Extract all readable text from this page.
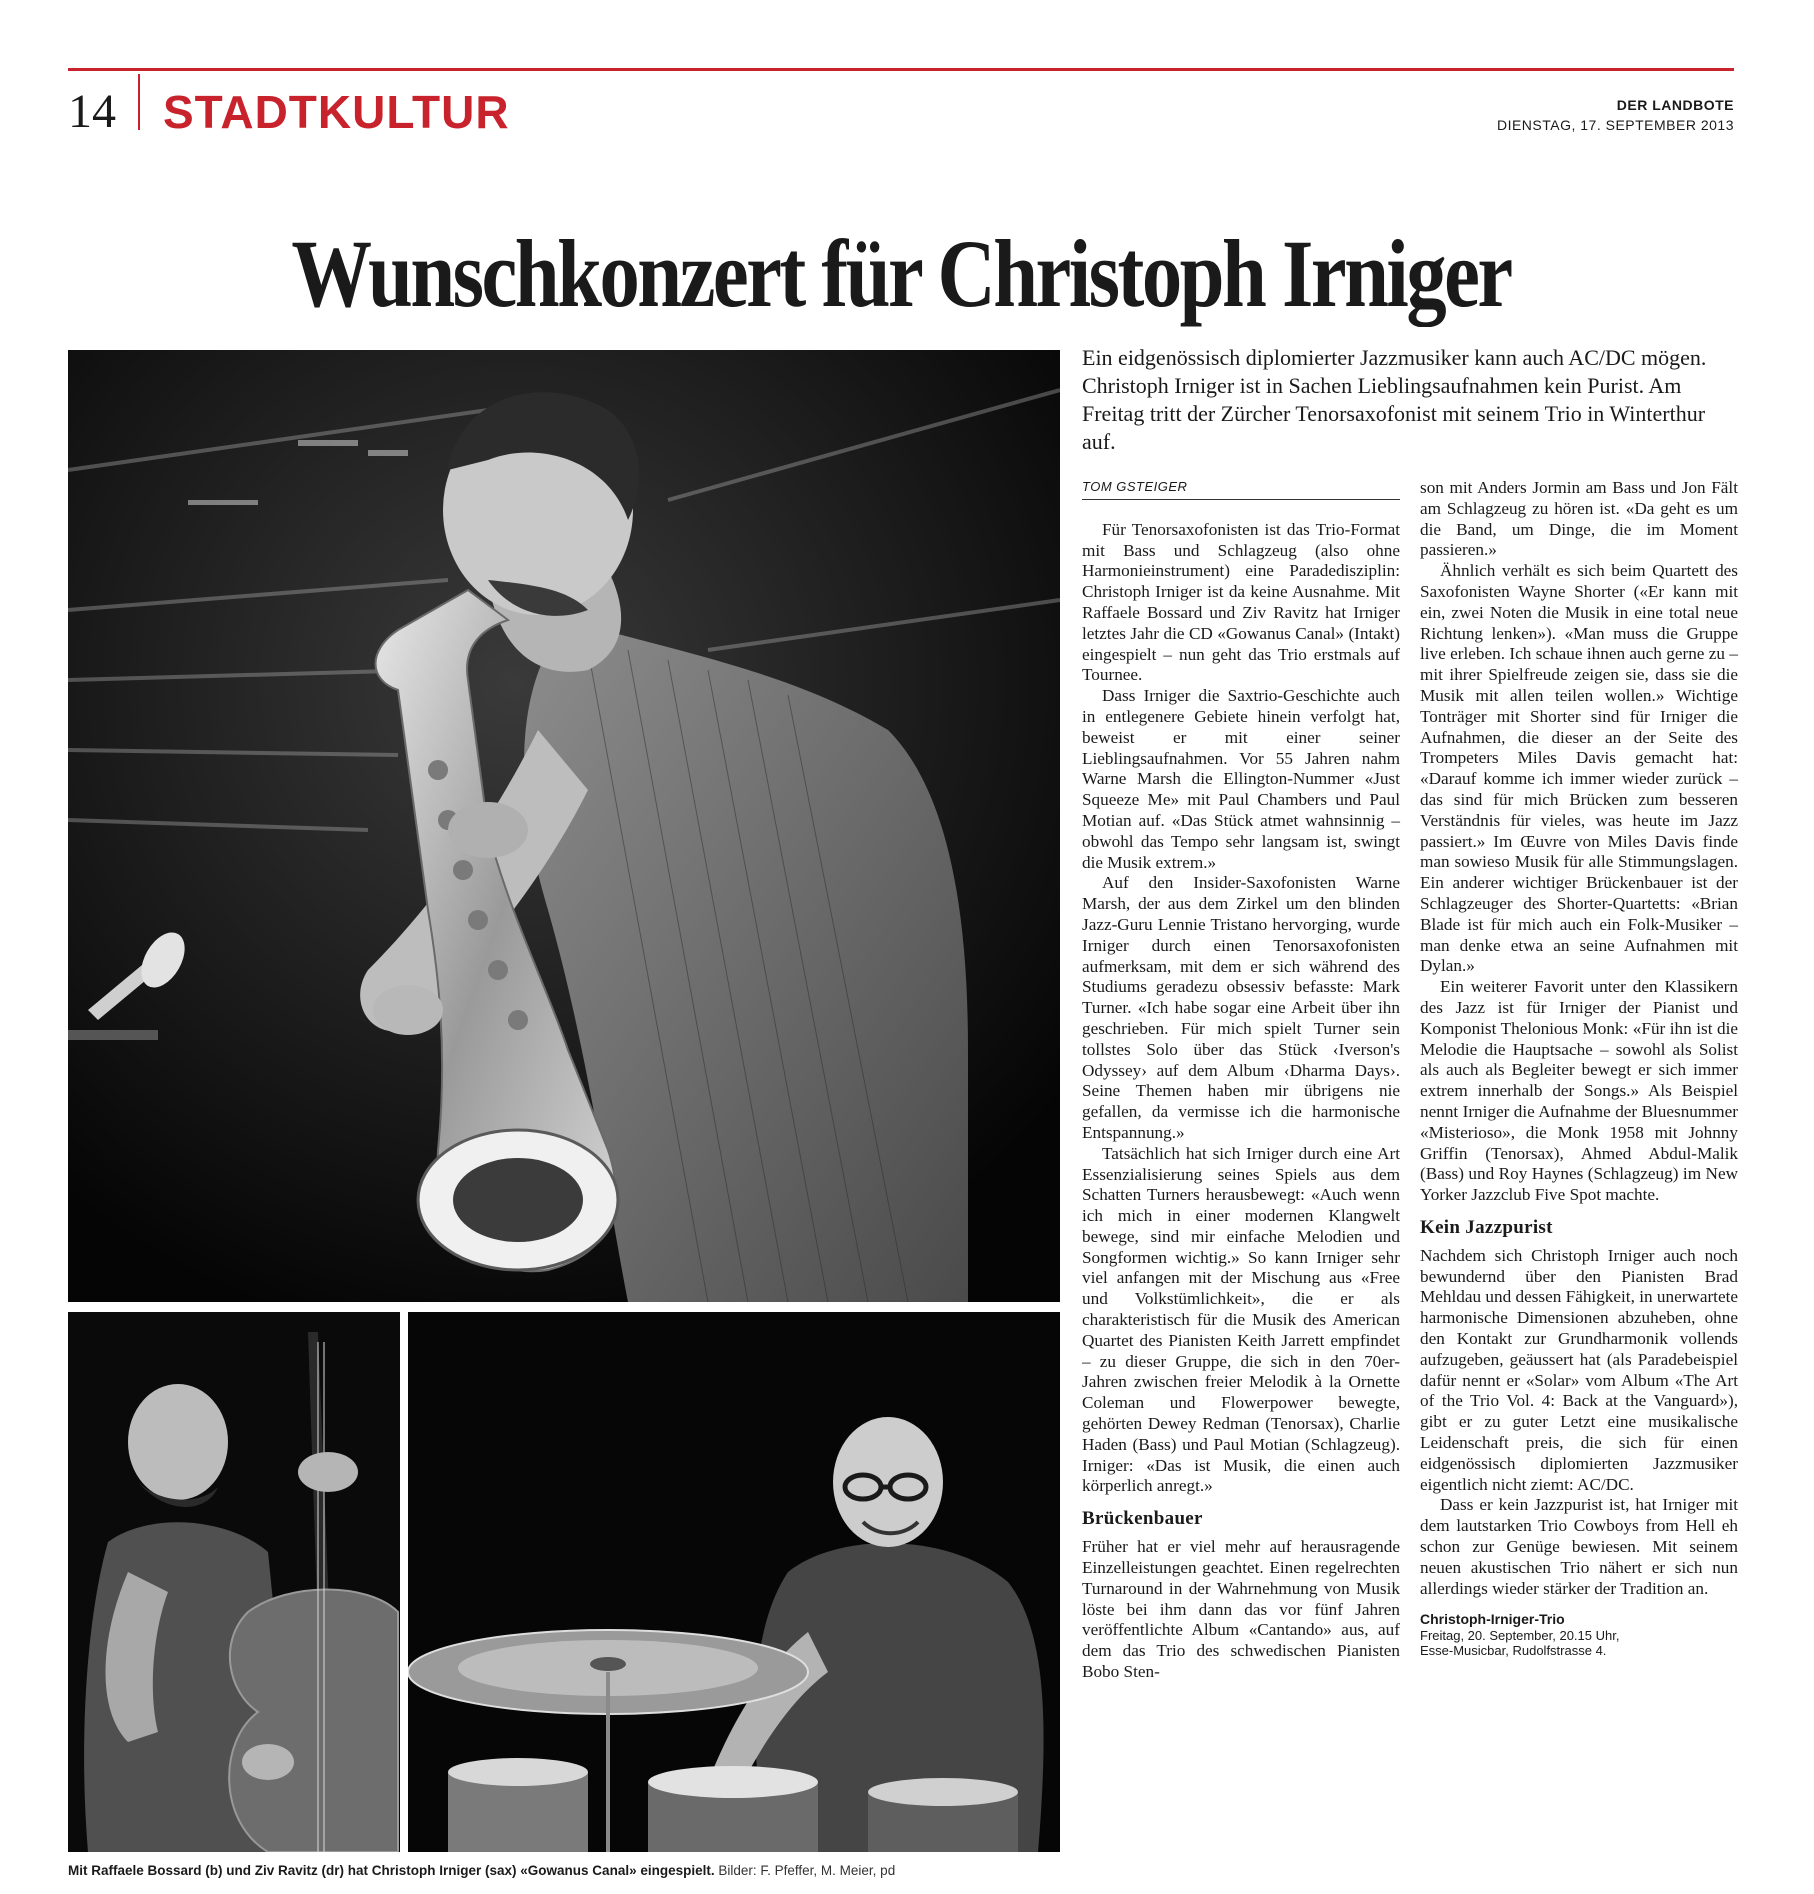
14 STADTKULTUR	DER LANDBOTE
DIENSTAG, 17. SEPTEMBER 2013
Wunschkonzert für Christoph Irniger
Mit Raffaele Bossard (b) und Ziv Ravitz (dr) hat Christoph Irniger (sax) «Gowanus Canal» eingespielt. Bilder: F. Pfeffer, M. Meier, pd

Ein eidgenössisch diplomierter Jazzmusiker kann auch AC/DC mögen. Christoph Irniger ist in Sachen Lieblingsaufnahmen kein Purist. Am Freitag tritt der Zürcher Tenorsaxofonist mit seinem Trio in Winterthur auf.

TOM GSTEIGER

Für Tenorsaxofonisten ist das Trio-Format mit Bass und Schlagzeug (also ohne Harmonieinstrument) eine Paradedisziplin: Christoph Irniger ist da keine Ausnahme. Mit Raffaele Bossard und Ziv Ravitz hat Irniger letztes Jahr die CD «Gowanus Canal» (Intakt) eingespielt – nun geht das Trio erstmals auf Tournee.

Dass Irniger die Saxtrio-Geschichte auch in entlegenere Gebiete hinein verfolgt hat, beweist er mit einer seiner Lieblingsaufnahmen. Vor 55 Jahren nahm Warne Marsh die Ellington-Nummer «Just Squeeze Me» mit Paul Chambers und Paul Motian auf. «Das Stück atmet wahnsinnig – obwohl das Tempo sehr langsam ist, swingt die Musik extrem.»

Auf den Insider-Saxofonisten Warne Marsh, der aus dem Zirkel um den blinden Jazz-Guru Lennie Tristano hervorging, wurde Irniger durch einen Tenorsaxofonisten aufmerksam, mit dem er sich während des Studiums geradezu obsessiv befasste: Mark Turner. «Ich habe sogar eine Arbeit über ihn geschrieben. Für mich spielt Turner sein tollstes Solo über das Stück ‹Iverson's Odyssey› auf dem Album ‹Dharma Days›. Seine Themen haben mir übrigens nie gefallen, da vermisse ich die harmonische Entspannung.»

Tatsächlich hat sich Irniger durch eine Art Essenzialisierung seines Spiels aus dem Schatten Turners herausbewegt: «Auch wenn ich mich in einer modernen Klangwelt bewege, sind mir einfache Melodien und Songformen wichtig.» So kann Irniger sehr viel anfangen mit der Mischung aus «Free und Volkstümlichkeit», die er als charakteristisch für die Musik des American Quartet des Pianisten Keith Jarrett empfindet – zu dieser Gruppe, die sich in den 70er-Jahren zwischen freier Melodik à la Ornette Coleman und Flowerpower bewegte, gehörten Dewey Redman (Tenorsax), Charlie Haden (Bass) und Paul Motian (Schlagzeug). Irniger: «Das ist Musik, die einen auch körperlich anregt.»

Brückenbauer

Früher hat er viel mehr auf herausragende Einzelleistungen geachtet. Einen regelrechten Turnaround in der Wahrnehmung von Musik löste bei ihm dann das vor fünf Jahren veröffentlichte Album «Cantando» aus, auf dem das Trio des schwedischen Pianisten Bobo Sten-

son mit Anders Jormin am Bass und Jon Fält am Schlagzeug zu hören ist. «Da geht es um die Band, um Dinge, die im Moment passieren.»

Ähnlich verhält es sich beim Quartett des Saxofonisten Wayne Shorter («Er kann mit ein, zwei Noten die Musik in eine total neue Richtung lenken»). «Man muss die Gruppe live erleben. Ich schaue ihnen auch gerne zu – mit ihrer Spielfreude zeigen sie, dass sie die Musik mit allen teilen wollen.» Wichtige Tonträger mit Shorter sind für Irniger die Aufnahmen, die dieser an der Seite des Trompeters Miles Davis gemacht hat: «Darauf komme ich immer wieder zurück – das sind für mich Brücken zum besseren Verständnis für vieles, was heute im Jazz passiert.» Im Œuvre von Miles Davis finde man sowieso Musik für alle Stimmungslagen. Ein anderer wichtiger Brückenbauer ist der Schlagzeuger des Shorter-Quartetts: «Brian Blade ist für mich auch ein Folk-Musiker – man denke etwa an seine Aufnahmen mit Dylan.»

Ein weiterer Favorit unter den Klassikern des Jazz ist für Irniger der Pianist und Komponist Thelonious Monk: «Für ihn ist die Melodie die Hauptsache – sowohl als Solist als auch als Begleiter bewegt er sich immer extrem innerhalb der Songs.» Als Beispiel nennt Irniger die Aufnahme der Bluesnummer «Misterioso», die Monk 1958 mit Johnny Griffin (Tenorsax), Ahmed Abdul-Malik (Bass) und Roy Haynes (Schlagzeug) im New Yorker Jazzclub Five Spot machte.

Kein Jazzpurist

Nachdem sich Christoph Irniger auch noch bewundernd über den Pianisten Brad Mehldau und dessen Fähigkeit, in unerwartete harmonische Dimensionen abzuheben, ohne den Kontakt zur Grundharmonik vollends aufzugeben, geäussert hat (als Paradebeispiel dafür nennt er «Solar» vom Album «The Art of the Trio Vol. 4: Back at the Vanguard»), gibt er zu guter Letzt eine musikalische Leidenschaft preis, die sich für einen eidgenössisch diplomierten Jazzmusiker eigentlich nicht ziemt: AC/DC.

Dass er kein Jazzpurist ist, hat Irniger mit dem lautstarken Trio Cowboys from Hell eh schon zur Genüge bewiesen. Mit seinem neuen akustischen Trio nähert er sich nun allerdings wieder stärker der Tradition an.

Christoph-Irniger-Trio
Freitag, 20. September, 20.15 Uhr,
Esse-Musicbar, Rudolfstrasse 4.
